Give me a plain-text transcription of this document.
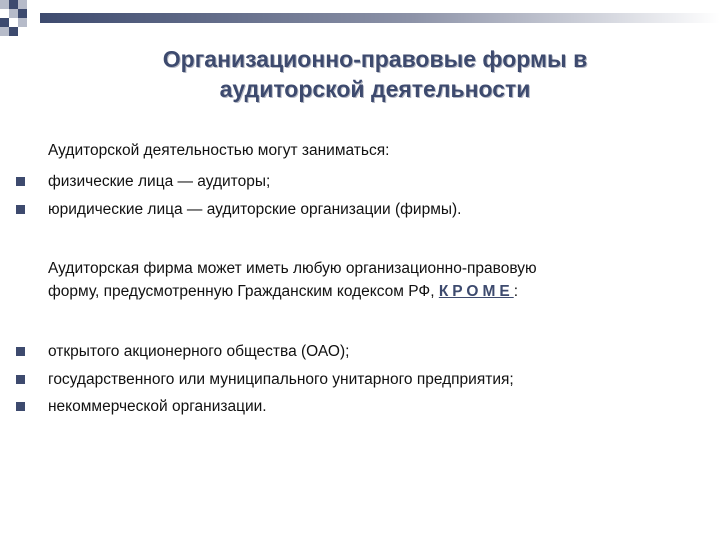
Организационно-правовые формы в
аудиторской деятельности
Аудиторской деятельностью могут заниматься:
физические лица — аудиторы;
юридические лица — аудиторские организации (фирмы).
Аудиторская фирма может иметь любую организационно-правовую
форму, предусмотренную Гражданским кодексом РФ, КРОМЕ:
открытого акционерного общества (ОАО);
государственного или муниципального унитарного предприятия;
некоммерческой организации.
